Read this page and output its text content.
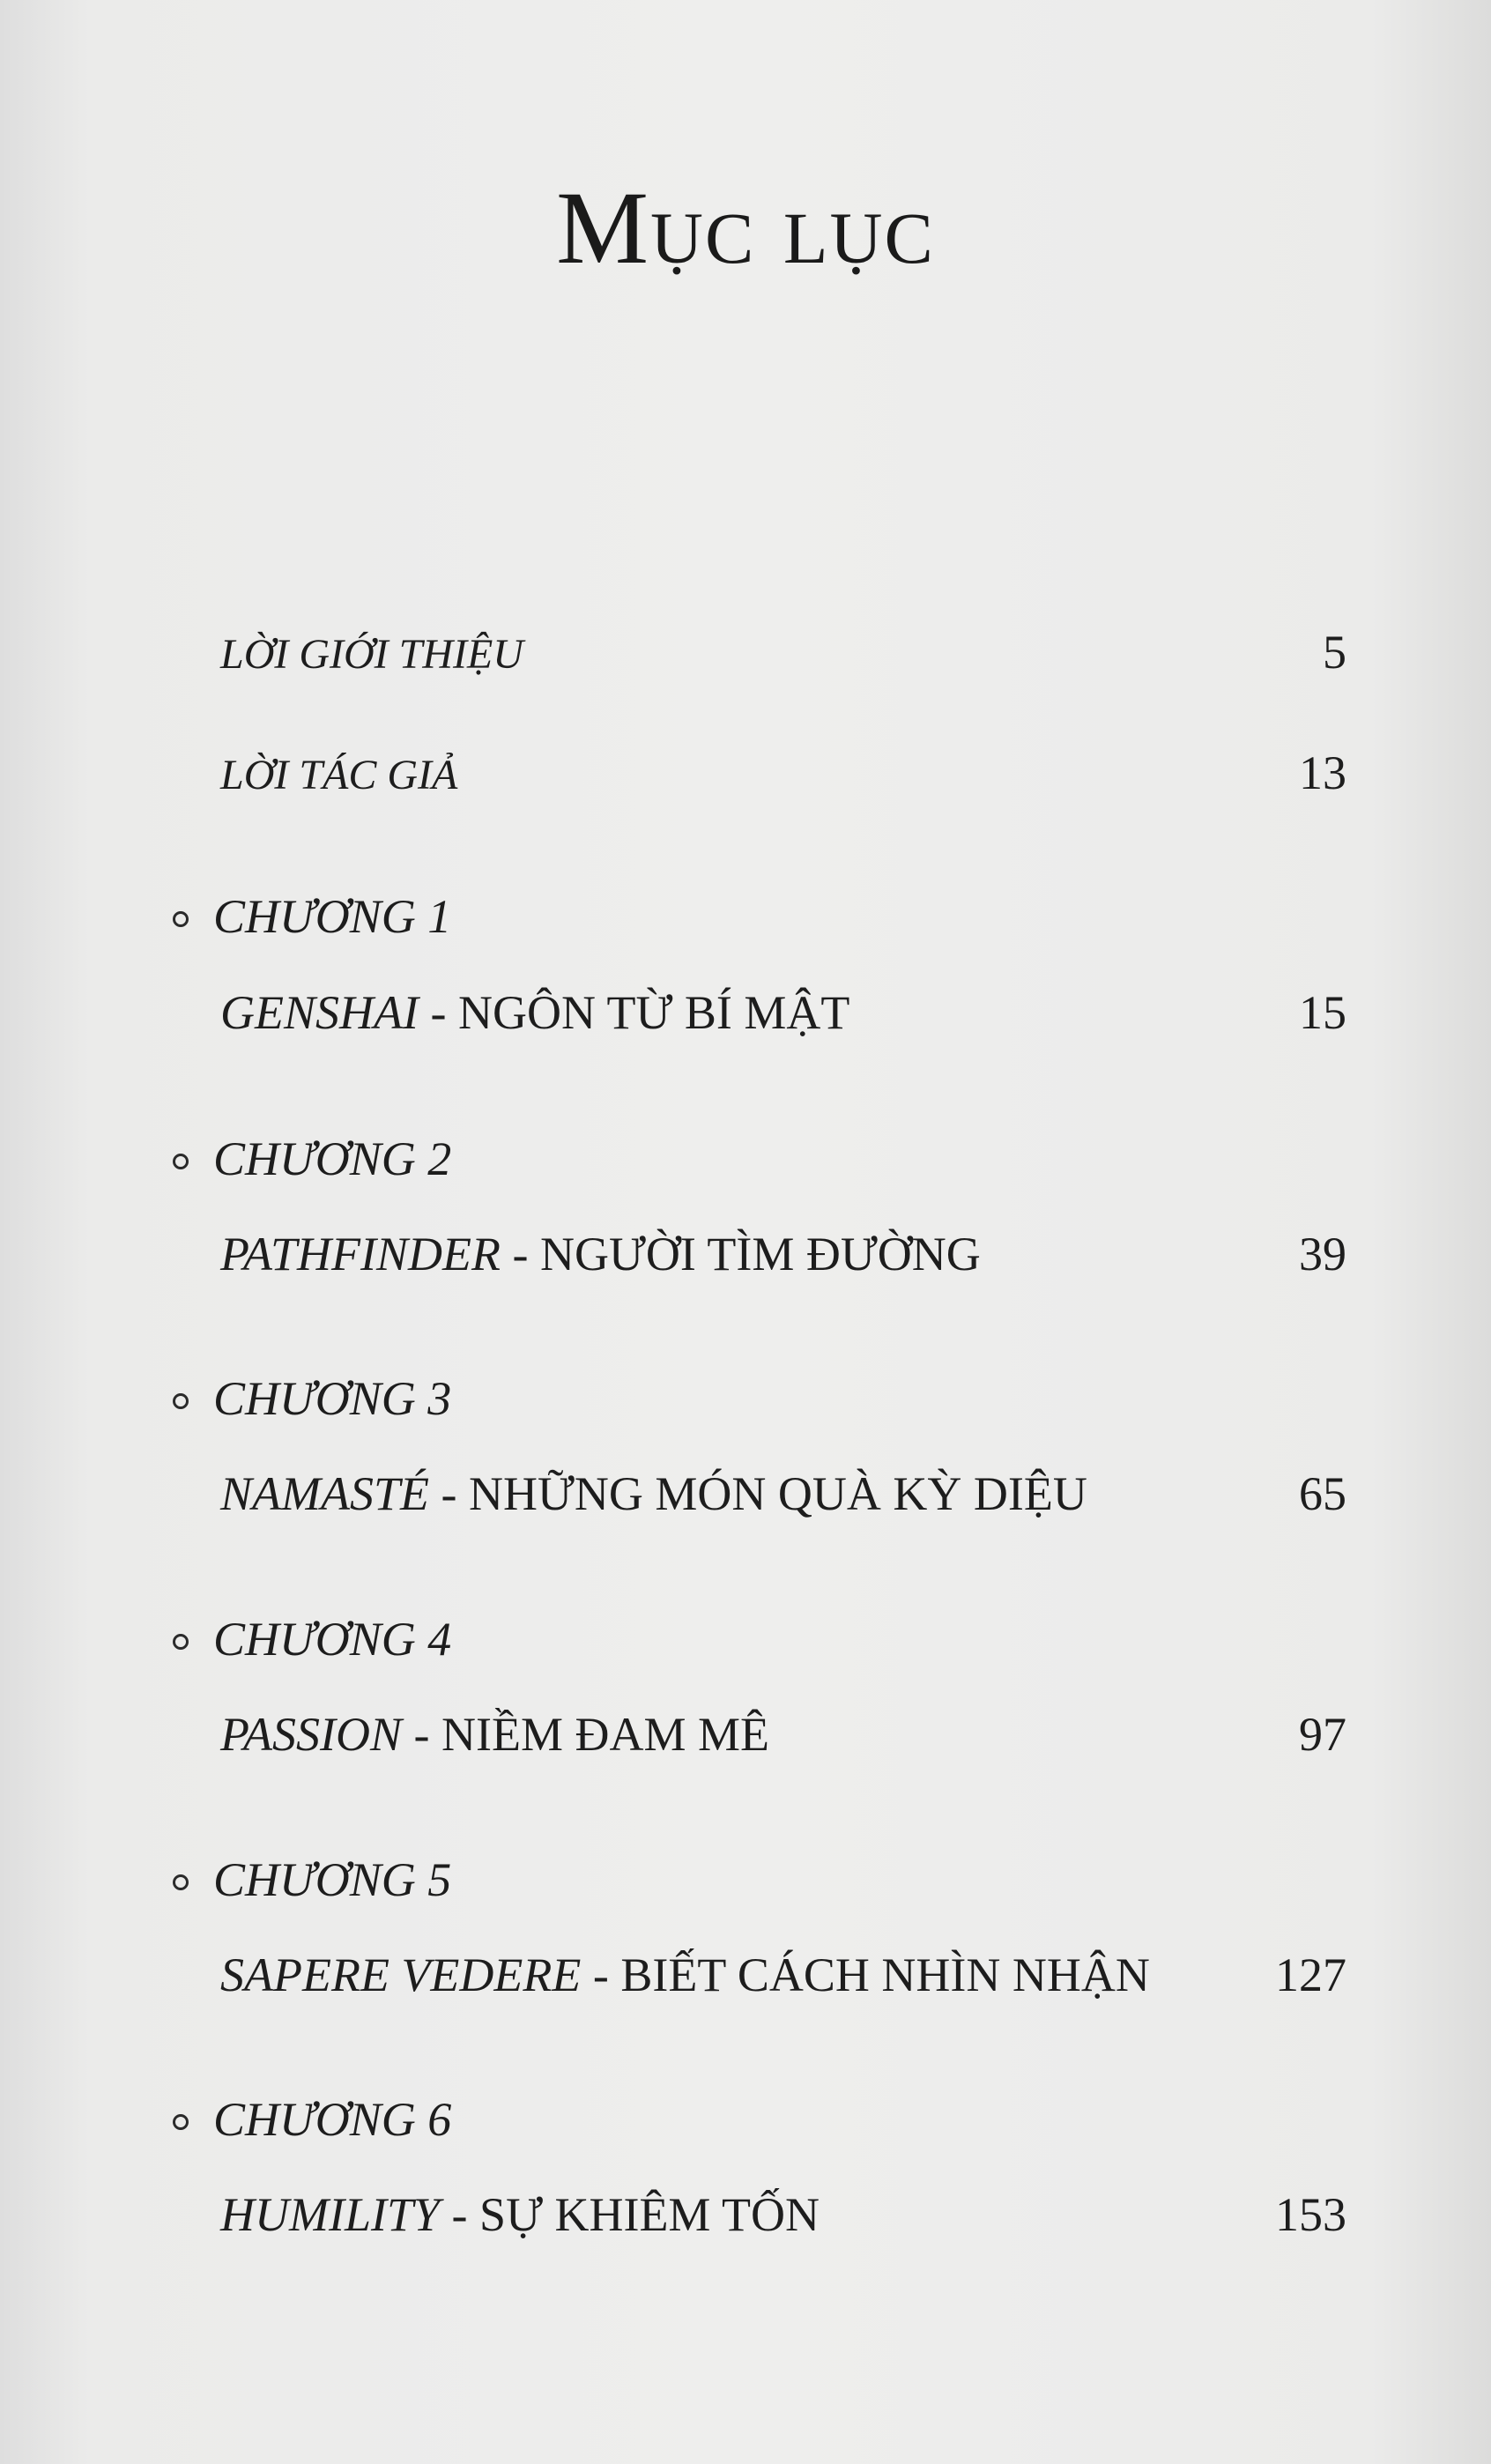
Mục lục
LỜI GIỚI THIỆU	5
LỜI TÁC GIẢ	13
CHƯƠNG 1
GENSHAI - NGÔN TỪ BÍ MẬT	15
CHƯƠNG 2
PATHFINDER - NGƯỜI TÌM ĐƯỜNG	39
CHƯƠNG 3
NAMASTÉ - NHỮNG MÓN QUÀ KỲ DIỆU	65
CHƯƠNG 4
PASSION - NIỀM ĐAM MÊ	97
CHƯƠNG 5
SAPERE VEDERE - BIẾT CÁCH NHÌN NHẬN	127
CHƯƠNG 6
HUMILITY - SỰ KHIÊM TỐN	153
